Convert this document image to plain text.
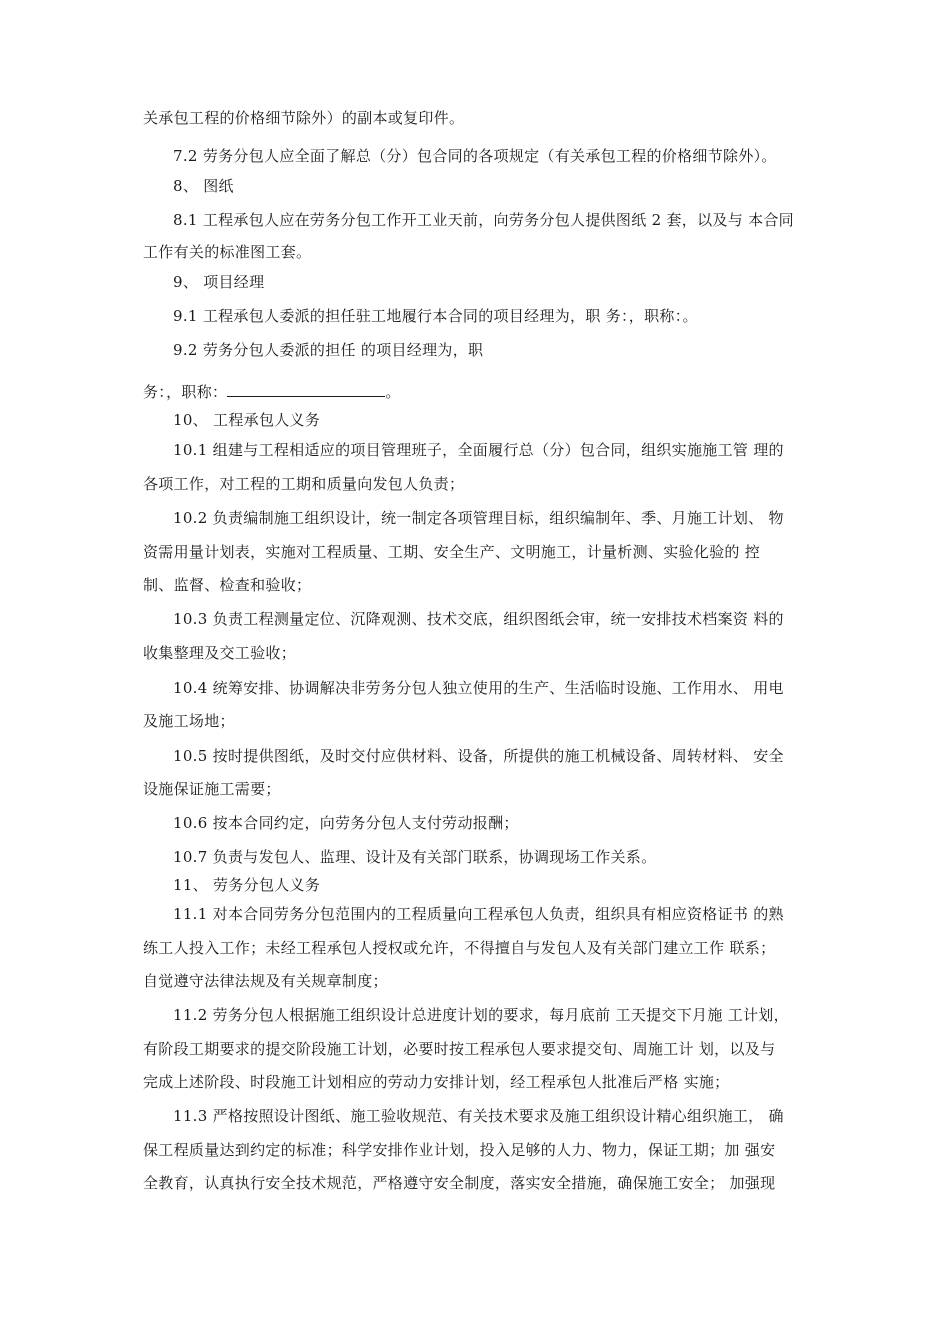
关承包工程的价格细节除外）的副本或复印件。
7.2 劳务分包人应全面了解总（分）包合同的各项规定（有关承包工程的价格细节除外）。
8、 图纸
8.1 工程承包人应在劳务分包工作开工业天前，向劳务分包人提供图纸 2 套，以及与 本合同
工作有关的标准图工套。
9、 项目经理
9.1 工程承包人委派的担任驻工地履行本合同的项目经理为，职 务：，职称：。
9.2 劳务分包人委派的担任 的项目经理为，职
务：，职称：	。
10、 工程承包人义务
10.1 组建与工程相适应的项目管理班子，全面履行总（分）包合同，组织实施施工管 理的
各项工作，对工程的工期和质量向发包人负责；
10.2 负责编制施工组织设计，统一制定各项管理目标，组织编制年、季、月施工计划、 物
资需用量计划表，实施对工程质量、工期、安全生产、文明施工，计量析测、实验化验的 控
制、监督、检查和验收；
10.3 负责工程测量定位、沉降观测、技术交底，组织图纸会审，统一安排技术档案资 料的
收集整理及交工验收；
10.4 统筹安排、协调解决非劳务分包人独立使用的生产、生活临时设施、工作用水、 用电
及施工场地；
10.5 按时提供图纸，及时交付应供材料、设备，所提供的施工机械设备、周转材料、 安全
设施保证施工需要；
10.6 按本合同约定，向劳务分包人支付劳动报酬；
10.7 负责与发包人、监理、设计及有关部门联系，协调现场工作关系。
11、 劳务分包人义务
11.1 对本合同劳务分包范围内的工程质量向工程承包人负责，组织具有相应资格证书 的熟
练工人投入工作；未经工程承包人授权或允许，不得擅自与发包人及有关部门建立工作 联系；
自觉遵守法律法规及有关规章制度；
11.2 劳务分包人根据施工组织设计总进度计划的要求，每月底前 工天提交下月施 工计划，
有阶段工期要求的提交阶段施工计划，必要时按工程承包人要求提交旬、周施工计 划，以及与
完成上述阶段、时段施工计划相应的劳动力安排计划，经工程承包人批准后严格 实施；
11.3 严格按照设计图纸、施工验收规范、有关技术要求及施工组织设计精心组织施工， 确
保工程质量达到约定的标准；科学安排作业计划，投入足够的人力、物力，保证工期；加 强安
全教育，认真执行安全技术规范，严格遵守安全制度，落实安全措施，确保施工安全； 加强现
